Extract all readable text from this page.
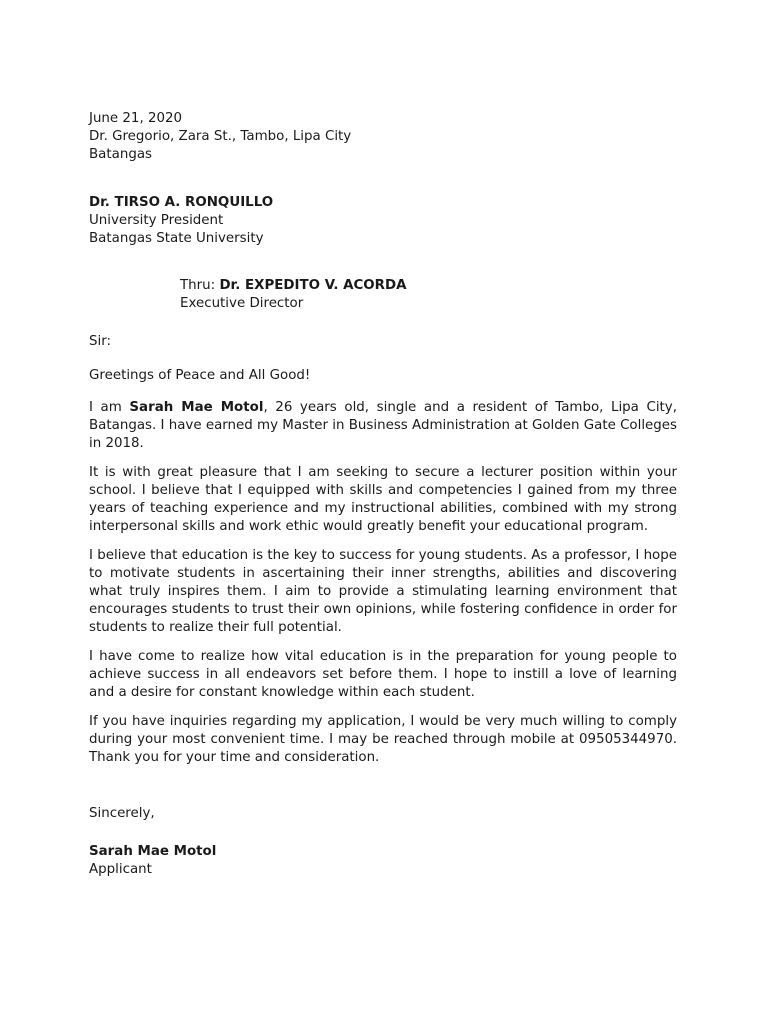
June 21, 2020
Dr. Gregorio, Zara St., Tambo, Lipa City
Batangas
Dr. TIRSO A. RONQUILLO
University President
Batangas State University
Thru: Dr. EXPEDITO V. ACORDA
Executive Director
Sir:
Greetings of Peace and All Good!

I am Sarah Mae Motol, 26 years old, single and a resident of Tambo, Lipa City, Batangas. I have earned my Master in Business Administration at Golden Gate Colleges in 2018.

It is with great pleasure that I am seeking to secure a lecturer position within your school. I believe that I equipped with skills and competencies I gained from my three years of teaching experience and my instructional abilities, combined with my strong interpersonal skills and work ethic would greatly benefit your educational program.

I believe that education is the key to success for young students. As a professor, I hope to motivate students in ascertaining their inner strengths, abilities and discovering what truly inspires them. I aim to provide a stimulating learning environment that encourages students to trust their own opinions, while fostering confidence in order for students to realize their full potential.

I have come to realize how vital education is in the preparation for young people to achieve success in all endeavors set before them. I hope to instill a love of learning and a desire for constant knowledge within each student.

If you have inquiries regarding my application, I would be very much willing to comply during your most convenient time. I may be reached through mobile at 09505344970. Thank you for your time and consideration.

Sincerely,
Sarah Mae Motol
Applicant
